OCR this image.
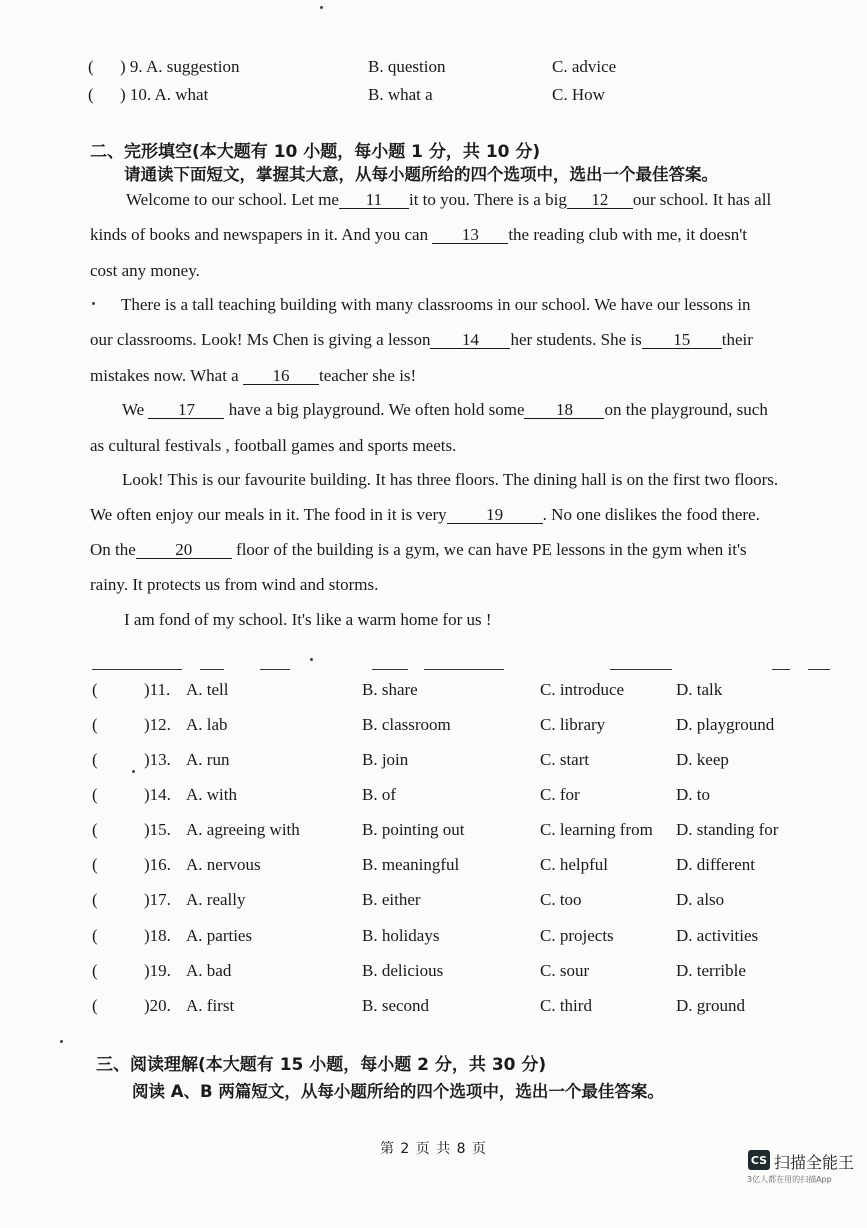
( ) 9. A. suggestion	B. question	C. advice
( ) 10. A. what	B. what a	C. How
二、完形填空(本大题有 10 小题，每小题 1 分，共 10 分)
请通读下面短文，掌握其大意，从每小题所给的四个选项中，选出一个最佳答案。
Welcome to our school. Let me 11 it to you. There is a big 12 our school. It has all
kinds of books and newspapers in it. And you can 13 the reading club with me, it doesn't
cost any money.
There is a tall teaching building with many classrooms in our school. We have our lessons in
our classrooms. Look! Ms Chen is giving a lesson 14 her students. She is 15 their
mistakes now. What a 16 teacher she is!
We 17 have a big playground. We often hold some 18 on the playground, such
as cultural festivals , football games and sports meets.
Look! This is our favourite building. It has three floors. The dining hall is on the first two floors.
We often enjoy our meals in it. The food in it is very 19 . No one dislikes the food there.
On the 20	floor of the building is a gym, we can have PE lessons in the gym when it's
rainy. It protects us from wind and storms.
I am fond of my school. It's like a warm home for us !
(	)11. A. tell	B. share	C. introduce	D. talk
(	)12. A. lab	B. classroom	C. library	D. playground
(	)13. A. run	B. join	C. start	D. keep
(	)14. A. with	B. of	C. for	D. to
(	)15. A. agreeing with	B. pointing out	C. learning from D. standing for
(	)16. A. nervous	B. meaningful	C. helpful	D. different
(	)17. A. really	B. either	C. too	D. also
(	)18. A. parties	B. holidays	C. projects	D. activities
(	)19. A. bad	B. delicious	C. sour	D. terrible
(	)20. A. first	B. second	C. third	D. ground
三、阅读理解(本大题有 15 小题，每小题 2 分，共 30 分)
阅读 A、B 两篇短文，从每小题所给的四个选项中，选出一个最佳答案。
第 2 页 共 8 页
CS 扫描全能王
3亿人都在用的扫描App
